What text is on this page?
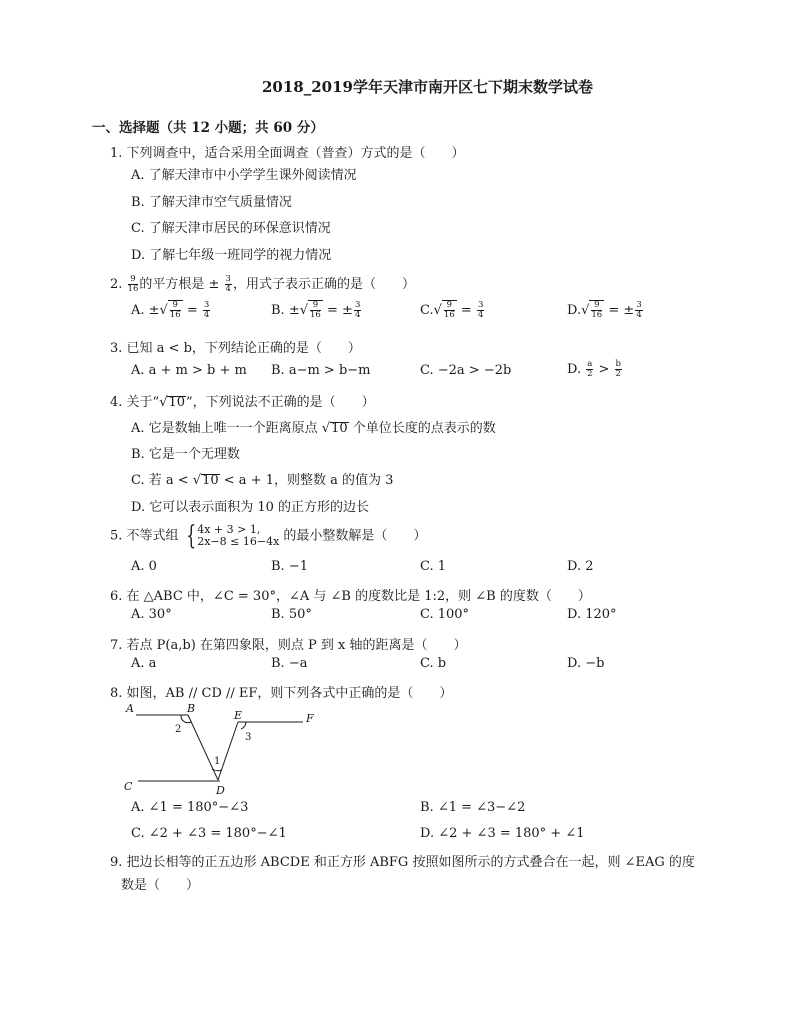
2018_2019学年天津市南开区七下期末数学试卷
一、选择题（共 12 小题；共 60 分）
1. 下列调查中，适合采用全面调查（普查）方式的是（　　）
A. 了解天津市中小学学生课外阅读情况
B. 了解天津市空气质量情况
C. 了解天津市居民的环保意识情况
D. 了解七年级一班同学的视力情况
2. $\frac{9}{16}$ 的平方根是 ± $\frac{3}{4}$ ，用式子表示正确的是（　　）
A. ±√ $\frac{9}{16} = \frac{3}{4}$	B. ±√ $\frac{9}{16}$ = ± $\frac{3}{4}$	$C.√ \frac{9}{16} = \frac{3}{4}$	$D.√ \frac{9}{16}$ = ± $\frac{3}{4}$
3. 已知 a < b，下列结论正确的是（　　）
A. a + m > b + m B. a−m > b−m	C. −2a > −2b	D. $\frac{a}{2} > \frac{b}{2}$
4. 关于“√10”，下列说法不正确的是（　　）
A. 它是数轴上唯一一个距离原点 √10 个单位长度的点表示的数
B. 它是一个无理数
C. 若 a < √10 < a + 1，则整数 a 的值为 3
D. 它可以表示面积为 10 的正方形的边长
5. 不等式组 { 4x + 3 > 1,
2x−8 ≤ 16−4x 的最小整数解是（　　）
A. 0	B. −1	C. 1	D. 2
6. 在 △ABC 中，∠C = 30°，∠A 与 ∠B 的度数比是 1:2，则 ∠B 的度数（　　）
A. 30°	B. 50°	C. 100°	D. 120°
7. 若点 P(a,b) 在第四象限，则点 P 到 x 轴的距离是（　　）
A. a	B. −a	C. b	D. −b
8. 如图，AB // CD // EF，则下列各式中正确的是（　　）
A	B
C	D
E	F
2
3
1
A. ∠1 = 180°−∠3	B. ∠1 = ∠3−∠2
C. ∠2 + ∠3 = 180°−∠1	D. ∠2 + ∠3 = 180° + ∠1
9. 把边长相等的正五边形 ABCDE 和正方形 ABFG 按照如图所示的方式叠合在一起，则 ∠EAG 的度
数是（　　）
